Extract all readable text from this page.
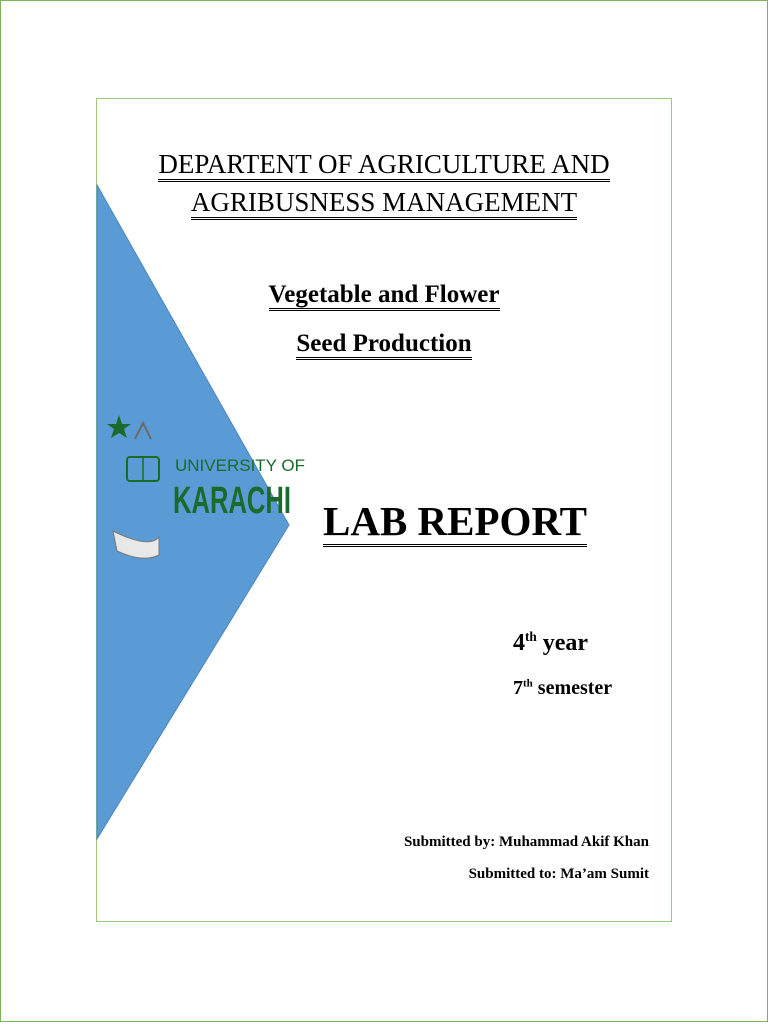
DEPARTENT OF AGRICULTURE AND
AGRIBUSNESS MANAGEMENT
Vegetable and Flower
Seed Production
UNIVERSITY OF
KARACHI LAB REPORT
4th year
7th semester
Submitted by: Muhammad Akif Khan
Submitted to: Ma’am Sumit
